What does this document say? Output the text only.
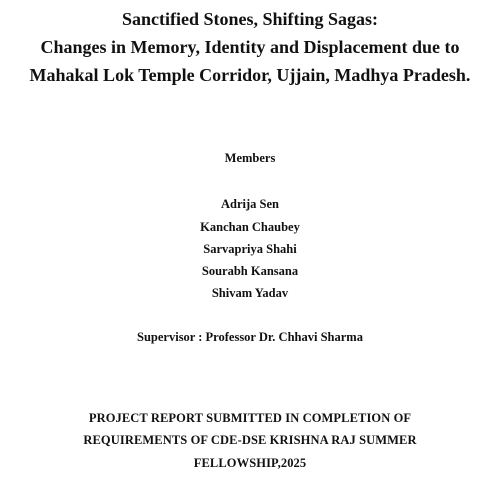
Sanctified Stones, Shifting Sagas:
Changes in Memory, Identity and Displacement due to
Mahakal Lok Temple Corridor, Ujjain, Madhya Pradesh.
Members
Adrija Sen
Kanchan Chaubey
Sarvapriya Shahi
Sourabh Kansana
Shivam Yadav
Supervisor : Professor Dr. Chhavi Sharma
PROJECT REPORT SUBMITTED IN COMPLETION OF
REQUIREMENTS OF CDE-DSE KRISHNA RAJ SUMMER
FELLOWSHIP,2025
